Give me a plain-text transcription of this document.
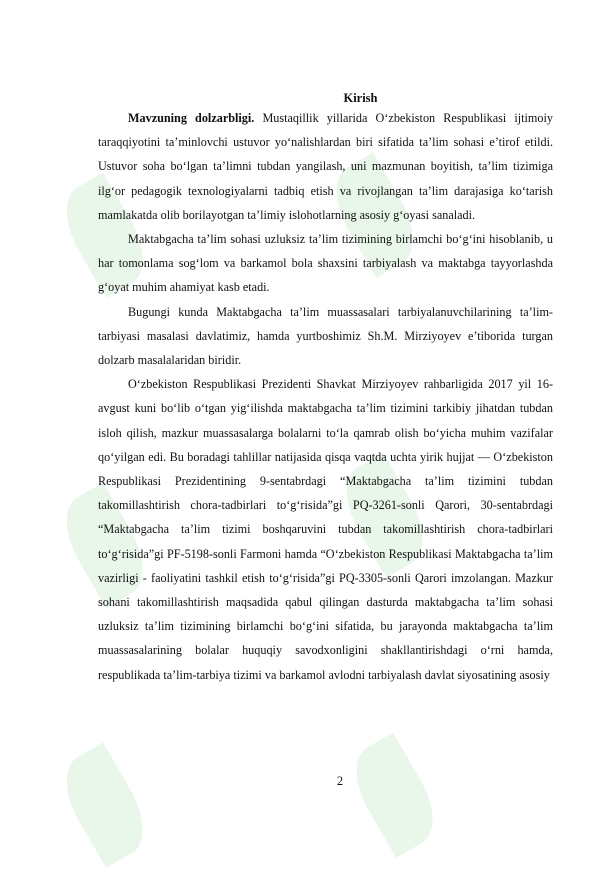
Kirish

Mavzuning dolzarbligi. Mustaqillik yillarida O‘zbekiston Respublikasi ijtimoiy taraqqiyotini ta’minlovchi ustuvor yo‘nalishlardan biri sifatida ta’lim sohasi e’tirof etildi. Ustuvor soha bo‘lgan ta’limni tubdan yangilash, uni mazmunan boyitish, ta’lim tizimiga ilg‘or pedagogik texnologiyalarni tadbiq etish va rivojlangan ta’lim darajasiga ko‘tarish mamlakatda olib borilayotgan ta’limiy islohotlarning asosiy g‘oyasi sanaladi.

Maktabgacha ta’lim sohasi uzluksiz ta’lim tizimining birlamchi bo‘g‘ini hisoblanib, u har tomonlama sog‘lom va barkamol bola shaxsini tarbiyalash va maktabga tayyorlashda g‘oyat muhim ahamiyat kasb etadi.

Bugungi kunda Maktabgacha ta’lim muassasalari tarbiyalanuvchilarining ta’lim-tarbiyasi masalasi davlatimiz, hamda yurtboshimiz Sh.M. Mirziyoyev e’tiborida turgan dolzarb masalalaridan biridir.

O‘zbekiston Respublikasi Prezidenti Shavkat Mirziyoyev rahbarligida 2017 yil 16-avgust kuni bo‘lib o‘tgan yig‘ilishda maktabgacha ta’lim tizimini tarkibiy jihatdan tubdan isloh qilish, mazkur muassasalarga bolalarni to‘la qamrab olish bo‘yicha muhim vazifalar qo‘yilgan edi. Bu boradagi tahlillar natijasida qisqa vaqtda uchta yirik hujjat — O‘zbekiston Respublikasi Prezidentining 9-sentabrdagi “Maktabgacha ta’lim tizimini tubdan takomillashtirish chora-tadbirlari to‘g‘risida”gi PQ-3261-sonli Qarori, 30-sentabrdagi “Maktabgacha ta’lim tizimi boshqaruvini tubdan takomillashtirish chora-tadbirlari to‘g‘risida”gi PF-5198-sonli Farmoni hamda “O‘zbekiston Respublikasi Maktabgacha ta’lim vazirligi - faoliyatini tashkil etish to‘g‘risida”gi PQ-3305-sonli Qarori imzolangan. Mazkur sohani takomillashtirish maqsadida qabul qilingan dasturda maktabgacha ta’lim sohasi uzluksiz ta’lim tizimining birlamchi bo‘g‘ini sifatida, bu jarayonda maktabgacha ta’lim muassasalarining bolalar huquqiy savodxonligini shakllantirishdagi o‘rni hamda, respublikada ta’lim-tarbiya tizimi va barkamol avlodni tarbiyalash davlat siyosatining asosiy

2
